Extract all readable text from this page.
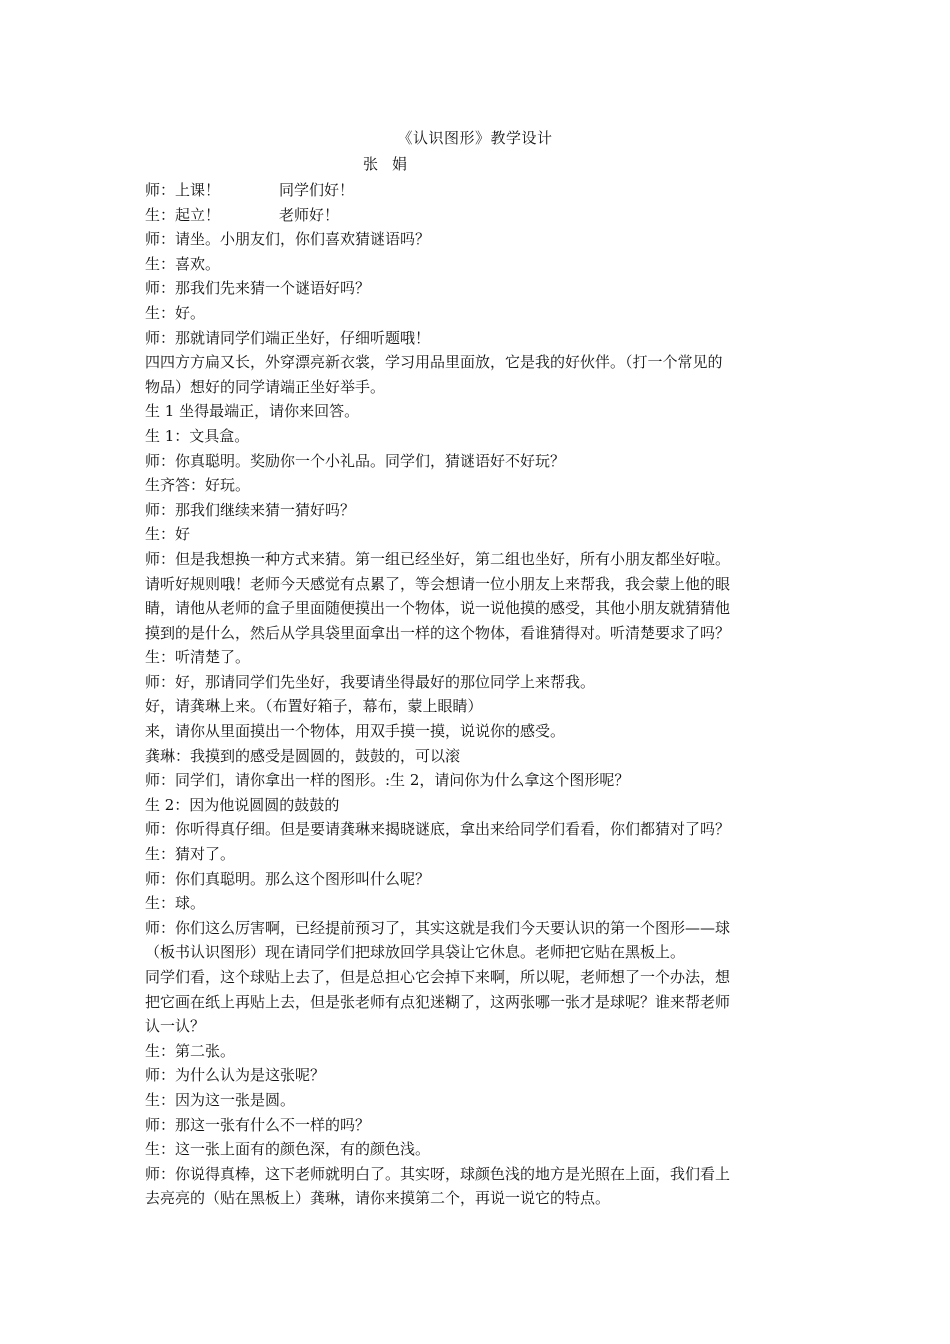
《认识图形》教学设计
张娟
师：上课！	同学们好！
生：起立！	老师好！
师：请坐。小朋友们，你们喜欢猜谜语吗？
生：喜欢。
师：那我们先来猜一个谜语好吗？
生：好。
师：那就请同学们端正坐好，仔细听题哦！
四四方方扁又长，外穿漂亮新衣裳，学习用品里面放，它是我的好伙伴。（打一个常见的
物品）想好的同学请端正坐好举手。
生 1 坐得最端正，请你来回答。
生 1：文具盒。
师：你真聪明。奖励你一个小礼品。同学们，猜谜语好不好玩？
生齐答：好玩。
师：那我们继续来猜一猜好吗？
生：好
师：但是我想换一种方式来猜。第一组已经坐好，第二组也坐好，所有小朋友都坐好啦。
请听好规则哦！老师今天感觉有点累了，等会想请一位小朋友上来帮我，我会蒙上他的眼
睛，请他从老师的盒子里面随便摸出一个物体，说一说他摸的感受，其他小朋友就猜猜他
摸到的是什么，然后从学具袋里面拿出一样的这个物体，看谁猜得对。听清楚要求了吗？
生：听清楚了。
师：好，那请同学们先坐好，我要请坐得最好的那位同学上来帮我。
好，请龚琳上来。（布置好箱子，幕布，蒙上眼睛）
来，请你从里面摸出一个物体，用双手摸一摸，说说你的感受。
龚琳：我摸到的感受是圆圆的，鼓鼓的，可以滚
师：同学们，请你拿出一样的图形。:生 2，请问你为什么拿这个图形呢？
生 2：因为他说圆圆的鼓鼓的
师：你听得真仔细。但是要请龚琳来揭晓谜底，拿出来给同学们看看，你们都猜对了吗？
生：猜对了。
师：你们真聪明。那么这个图形叫什么呢？
生：球。
师：你们这么厉害啊，已经提前预习了，其实这就是我们今天要认识的第一个图形——球
（板书认识图形）现在请同学们把球放回学具袋让它休息。老师把它贴在黑板上。
同学们看，这个球贴上去了，但是总担心它会掉下来啊，所以呢，老师想了一个办法，想
把它画在纸上再贴上去，但是张老师有点犯迷糊了，这两张哪一张才是球呢？谁来帮老师
认一认？
生：第二张。
师：为什么认为是这张呢？
生：因为这一张是圆。
师：那这一张有什么不一样的吗？
生：这一张上面有的颜色深，有的颜色浅。
师：你说得真棒，这下老师就明白了。其实呀，球颜色浅的地方是光照在上面，我们看上
去亮亮的（贴在黑板上）龚琳，请你来摸第二个，再说一说它的特点。
